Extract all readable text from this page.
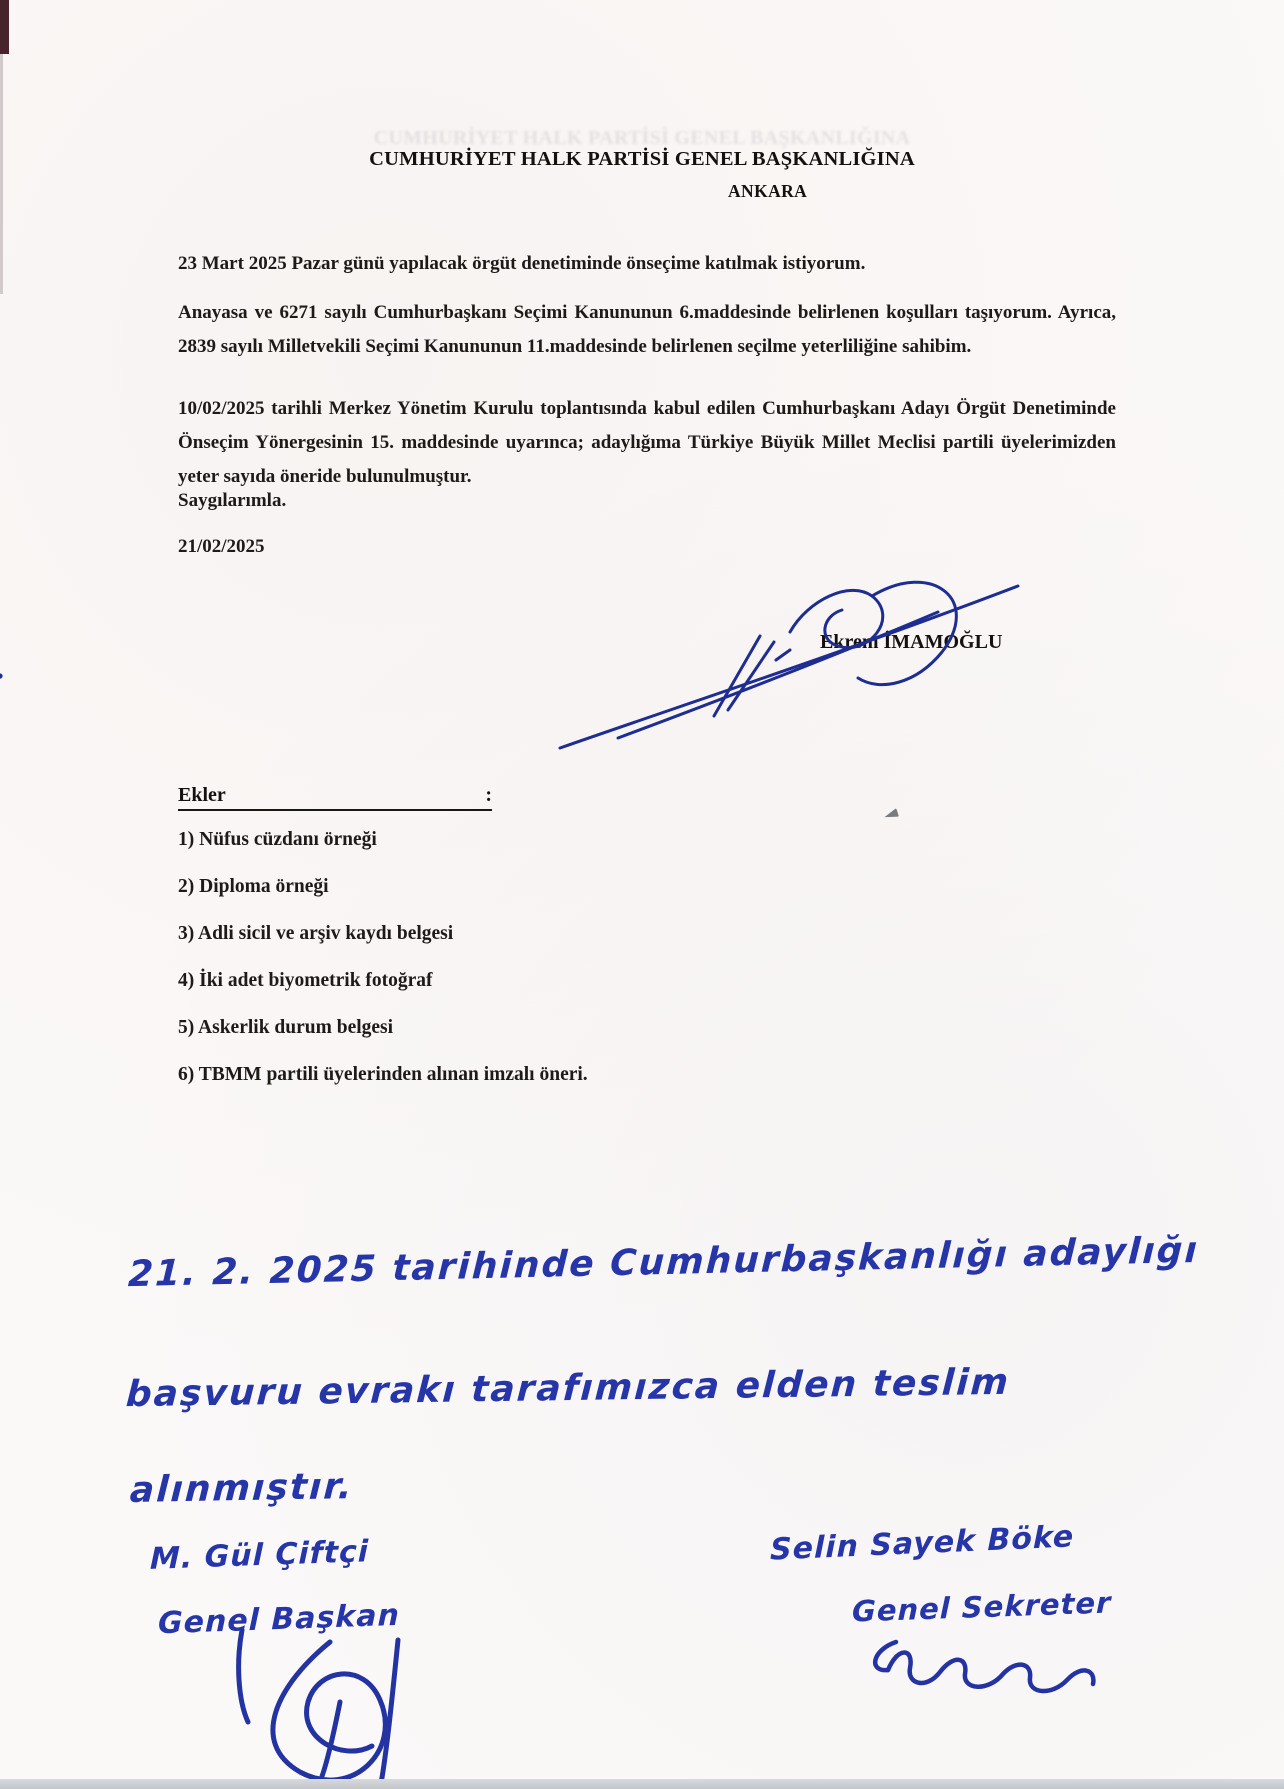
CUMHURİYET HALK PARTİSİ GENEL BAŞKANLIĞINA
CUMHURİYET HALK PARTİSİ GENEL BAŞKANLIĞINA
ANKARA

23 Mart 2025 Pazar günü yapılacak örgüt denetiminde önseçime katılmak istiyorum.

Anayasa ve 6271 sayılı Cumhurbaşkanı Seçimi Kanununun 6.maddesinde belirlenen koşulları taşıyorum. Ayrıca, 2839 sayılı Milletvekili Seçimi Kanununun 11.maddesinde belirlenen seçilme yeterliliğine sahibim.

10/02/2025 tarihli Merkez Yönetim Kurulu toplantısında kabul edilen Cumhurbaşkanı Adayı Örgüt Denetiminde Önseçim Yönergesinin 15. maddesinde uyarınca; adaylığıma Türkiye Büyük Millet Meclisi partili üyelerimizden yeter sayıda öneride bulunulmuştur.

Saygılarımla.

21/02/2025

Ekrem İMAMOĞLU
Ekler	:
1) Nüfus cüzdanı örneği
2) Diploma örneği
3) Adli sicil ve arşiv kaydı belgesi
4) İki adet biyometrik fotoğraf
5) Askerlik durum belgesi
6) TBMM partili üyelerinden alınan imzalı öneri.
21. 2. 2025 tarihinde Cumhurbaşkanlığı adaylığı
başvuru evrakı tarafımızca elden teslim
alınmıştır.
M. Gül Çiftçi
Genel Başkan
Selin Sayek Böke
Genel Sekreter
